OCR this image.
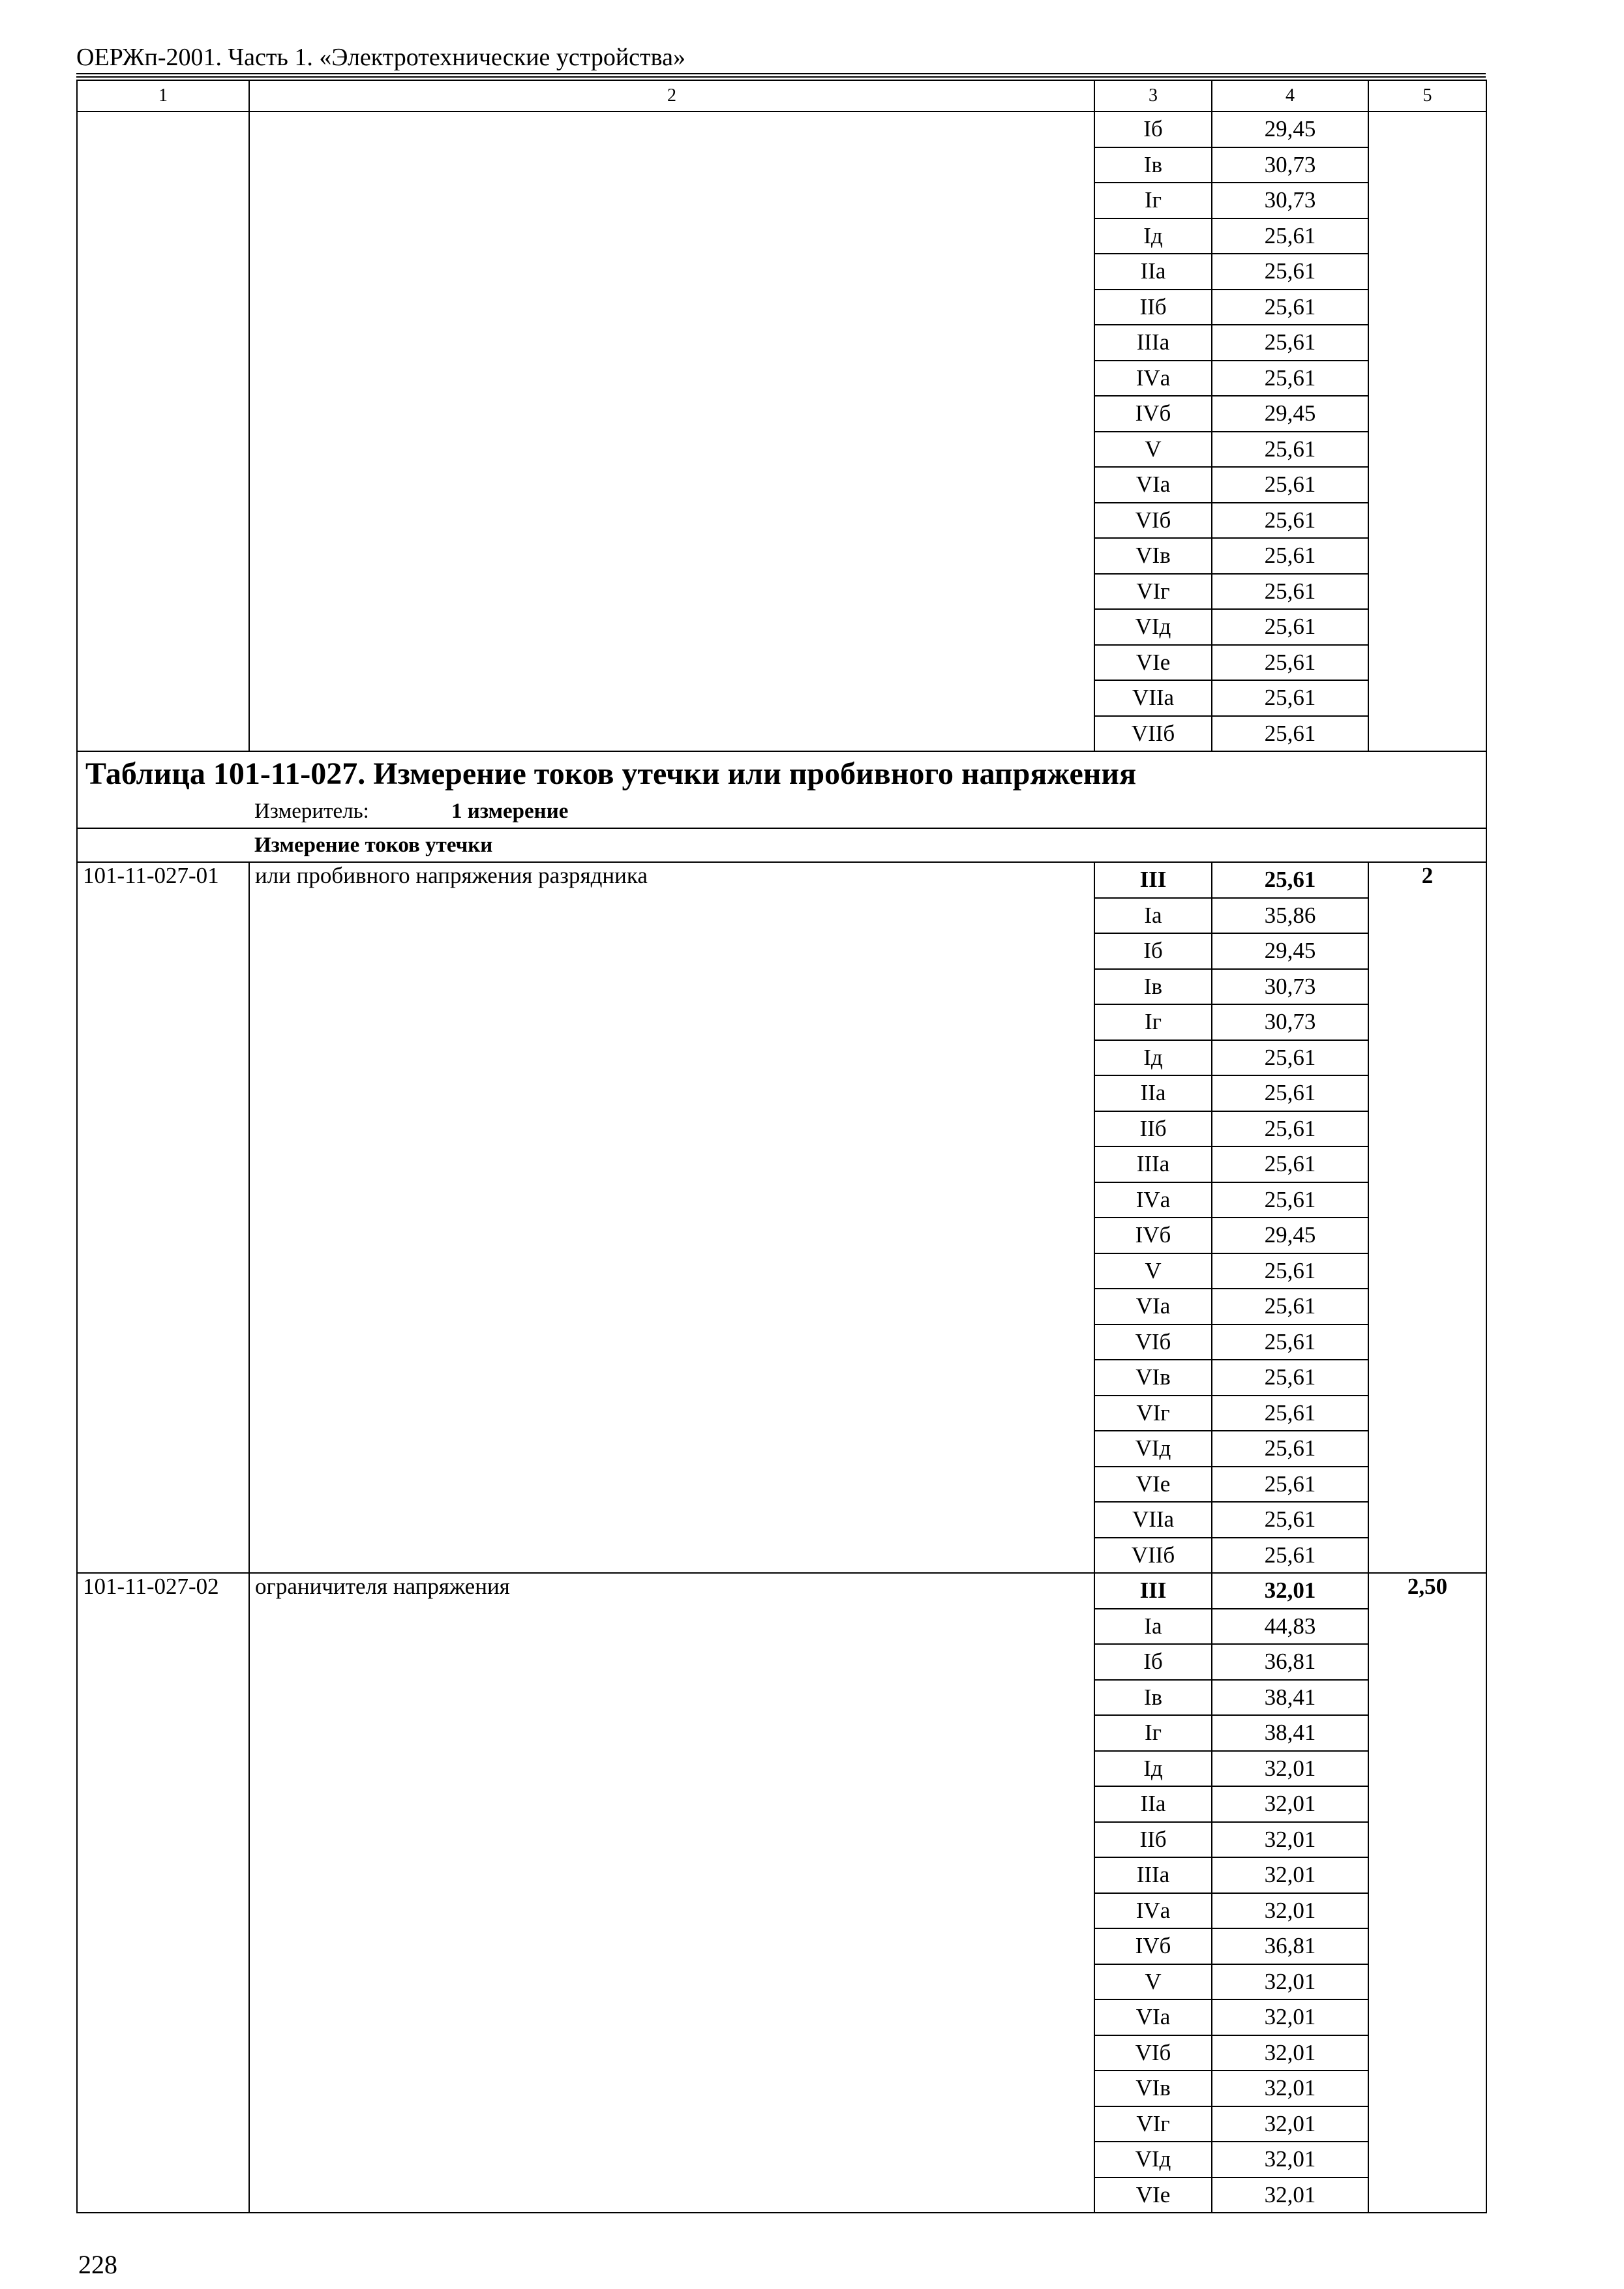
ОЕРЖп-2001. Часть 1. «Электротехнические устройства»
1	2	3	4	5
		Iб	29,45	
		Iв	30,73	
		Iг	30,73	
		Iд	25,61	
		IIа	25,61	
		IIб	25,61	
		IIIа	25,61	
		IVа	25,61	
		IVб	29,45	
		V	25,61	
		VIа	25,61	
		VIб	25,61	
		VIв	25,61	
		VIг	25,61	
		VIд	25,61	
		VIе	25,61	
		VIIа	25,61	
		VIIб	25,61	
Таблица 101-11-027. Измерение токов утечки или пробивного напряжения				
Измеритель: 1 измерение				
Измерение токов утечки				
101-11-027-01	или пробивного напряжения разрядника	III	25,61	2
		Iа	35,86	
		Iб	29,45	
		Iв	30,73	
		Iг	30,73	
		Iд	25,61	
		IIа	25,61	
		IIб	25,61	
		IIIа	25,61	
		IVа	25,61	
		IVб	29,45	
		V	25,61	
		VIа	25,61	
		VIб	25,61	
		VIв	25,61	
		VIг	25,61	
		VIд	25,61	
		VIе	25,61	
		VIIа	25,61	
		VIIб	25,61	
101-11-027-02	ограничителя напряжения	III	32,01	2,50
		Iа	44,83	
		Iб	36,81	
		Iв	38,41	
		Iг	38,41	
		Iд	32,01	
		IIа	32,01	
		IIб	32,01	
		IIIа	32,01	
		IVа	32,01	
		IVб	36,81	
		V	32,01	
		VIа	32,01	
		VIб	32,01	
		VIв	32,01	
		VIг	32,01	
		VIд	32,01	
		VIе	32,01	
228
